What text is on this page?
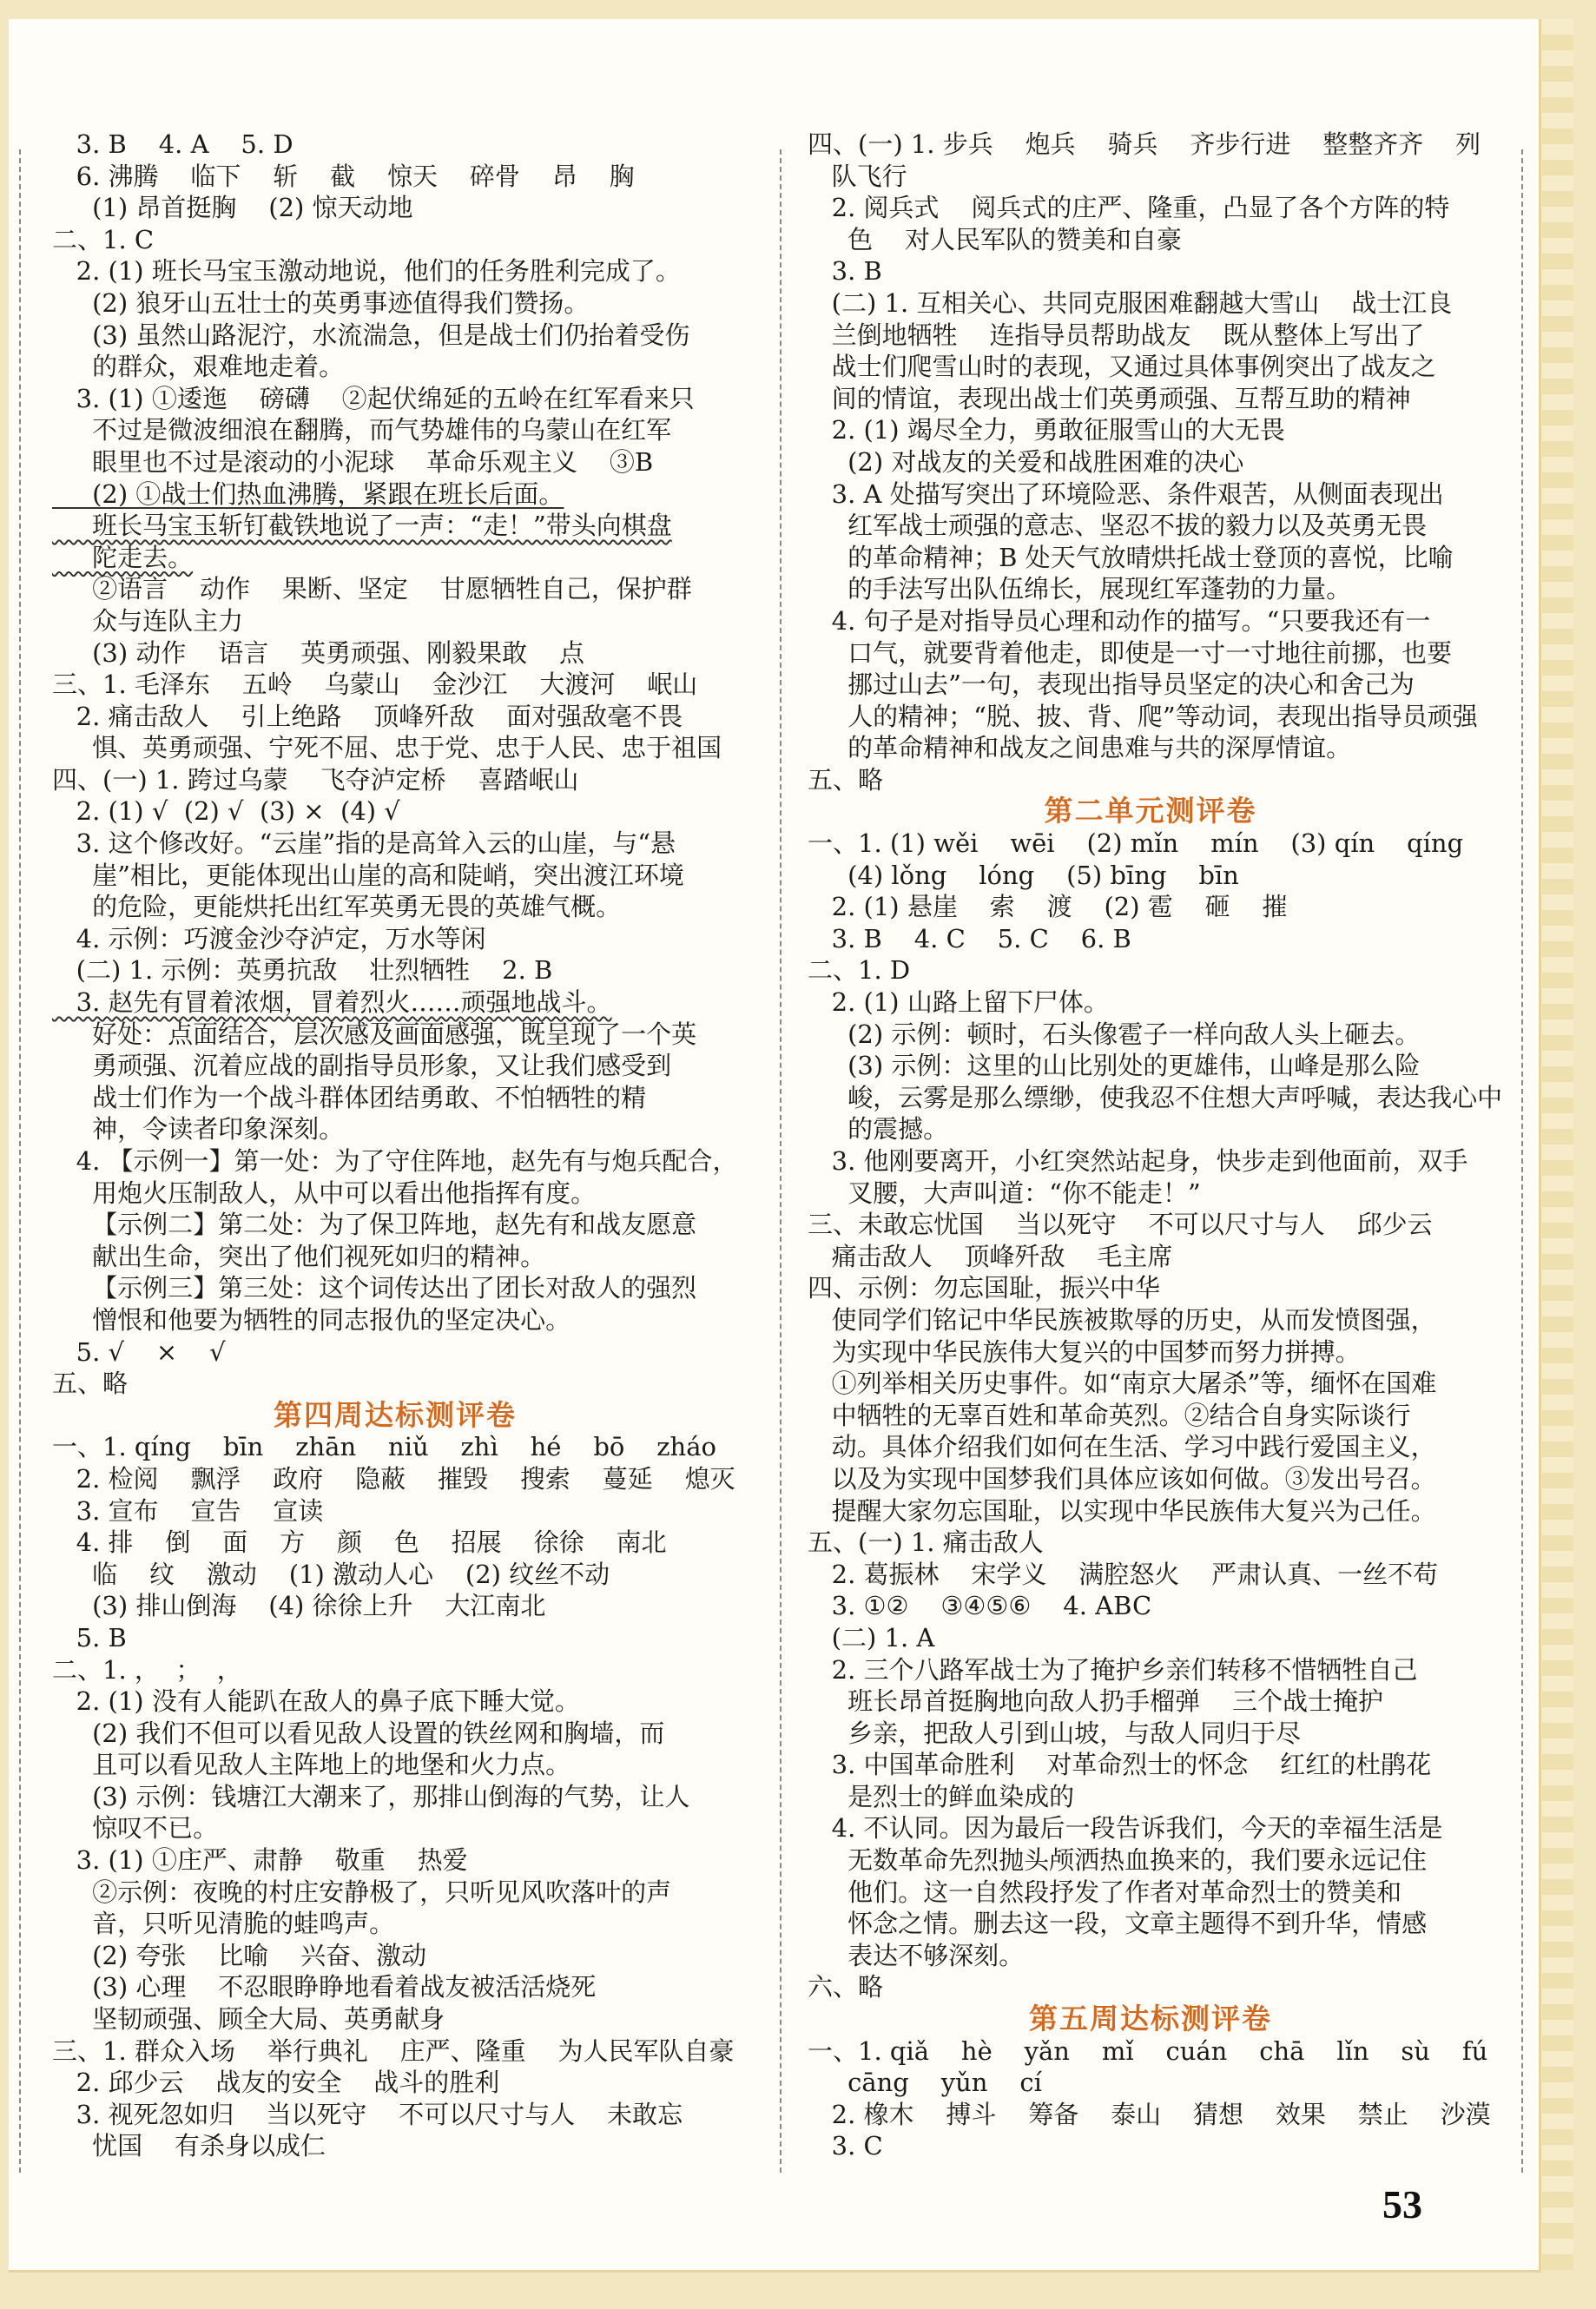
3. B    4. A    5. D
6. 沸腾    临下    斩    截    惊天    碎骨    昂    胸
(1) 昂首挺胸    (2) 惊天动地
二、1. C
2. (1) 班长马宝玉激动地说，他们的任务胜利完成了。
(2) 狼牙山五壮士的英勇事迹值得我们赞扬。
(3) 虽然山路泥泞，水流湍急，但是战士们仍抬着受伤
的群众，艰难地走着。
3. (1) ①逶迤    磅礴    ②起伏绵延的五岭在红军看来只
不过是微波细浪在翻腾，而气势雄伟的乌蒙山在红军
眼里也不过是滚动的小泥球    革命乐观主义    ③B
(2) ①战士们热血沸腾，紧跟在班长后面。
班长马宝玉斩钉截铁地说了一声：“走！”带头向棋盘
陀走去。
②语言    动作    果断、坚定    甘愿牺牲自己，保护群
众与连队主力
(3) 动作    语言    英勇顽强、刚毅果敢    点
三、1. 毛泽东    五岭    乌蒙山    金沙江    大渡河    岷山
2. 痛击敌人    引上绝路    顶峰歼敌    面对强敌毫不畏
惧、英勇顽强、宁死不屈、忠于党、忠于人民、忠于祖国
四、(一) 1. 跨过乌蒙    飞夺泸定桥    喜踏岷山
2. (1) √  (2) √  (3) ×  (4) √
3. 这个修改好。“云崖”指的是高耸入云的山崖，与“悬
崖”相比，更能体现出山崖的高和陡峭，突出渡江环境
的危险，更能烘托出红军英勇无畏的英雄气概。
4. 示例：巧渡金沙夺泸定，万水等闲
(二) 1. 示例：英勇抗敌    壮烈牺牲    2. B
3. 赵先有冒着浓烟，冒着烈火……顽强地战斗。
好处：点面结合，层次感及画面感强，既呈现了一个英
勇顽强、沉着应战的副指导员形象，又让我们感受到
战士们作为一个战斗群体团结勇敢、不怕牺牲的精
神，令读者印象深刻。
4. 【示例一】第一处：为了守住阵地，赵先有与炮兵配合，
用炮火压制敌人，从中可以看出他指挥有度。
【示例二】第二处：为了保卫阵地，赵先有和战友愿意
献出生命，突出了他们视死如归的精神。
【示例三】第三处：这个词传达出了团长对敌人的强烈
憎恨和他要为牺牲的同志报仇的坚定决心。
5. √    ×    √
五、略
第四周达标测评卷
一、1. qíng    bīn    zhān    niǔ    zhì    hé    bō    zháo
2. 检阅    飘浮    政府    隐蔽    摧毁    搜索    蔓延    熄灭
3. 宣布    宣告    宣读
4. 排    倒    面    方    颜    色    招展    徐徐    南北
临    纹    激动    (1) 激动人心    (2) 纹丝不动
(3) 排山倒海    (4) 徐徐上升    大江南北
5. B
二、1. ，  ；  ，
2. (1) 没有人能趴在敌人的鼻子底下睡大觉。
(2) 我们不但可以看见敌人设置的铁丝网和胸墙，而
且可以看见敌人主阵地上的地堡和火力点。
(3) 示例：钱塘江大潮来了，那排山倒海的气势，让人
惊叹不已。
3. (1) ①庄严、肃静    敬重    热爱
②示例：夜晚的村庄安静极了，只听见风吹落叶的声
音，只听见清脆的蛙鸣声。
(2) 夸张    比喻    兴奋、激动
(3) 心理    不忍眼睁睁地看着战友被活活烧死
坚韧顽强、顾全大局、英勇献身
三、1. 群众入场    举行典礼    庄严、隆重    为人民军队自豪
2. 邱少云    战友的安全    战斗的胜利
3. 视死忽如归    当以死守    不可以尺寸与人    未敢忘
忧国    有杀身以成仁
四、(一) 1. 步兵    炮兵    骑兵    齐步行进    整整齐齐    列
队飞行
2. 阅兵式    阅兵式的庄严、隆重，凸显了各个方阵的特
色    对人民军队的赞美和自豪
3. B
(二) 1. 互相关心、共同克服困难翻越大雪山    战士江良
兰倒地牺牲    连指导员帮助战友    既从整体上写出了
战士们爬雪山时的表现，又通过具体事例突出了战友之
间的情谊，表现出战士们英勇顽强、互帮互助的精神
2. (1) 竭尽全力，勇敢征服雪山的大无畏
(2) 对战友的关爱和战胜困难的决心
3. A 处描写突出了环境险恶、条件艰苦，从侧面表现出
红军战士顽强的意志、坚忍不拔的毅力以及英勇无畏
的革命精神；B 处天气放晴烘托战士登顶的喜悦，比喻
的手法写出队伍绵长，展现红军蓬勃的力量。
4. 句子是对指导员心理和动作的描写。“只要我还有一
口气，就要背着他走，即使是一寸一寸地往前挪，也要
挪过山去”一句，表现出指导员坚定的决心和舍己为
人的精神；“脱、披、背、爬”等动词，表现出指导员顽强
的革命精神和战友之间患难与共的深厚情谊。
五、略
第二单元测评卷
一、1. (1) wěi    wēi    (2) mǐn    mín    (3) qín    qíng
(4) lǒng    lóng    (5) bīng    bīn
2. (1) 悬崖    索    渡    (2) 雹    砸    摧
3. B    4. C    5. C    6. B
二、1. D
2. (1) 山路上留下尸体。
(2) 示例：顿时，石头像雹子一样向敌人头上砸去。
(3) 示例：这里的山比别处的更雄伟，山峰是那么险
峻，云雾是那么缥缈，使我忍不住想大声呼喊，表达我心中
的震撼。
3. 他刚要离开，小红突然站起身，快步走到他面前，双手
叉腰，大声叫道：“你不能走！”
三、未敢忘忧国    当以死守    不可以尺寸与人    邱少云
痛击敌人    顶峰歼敌    毛主席
四、示例：勿忘国耻，振兴中华
使同学们铭记中华民族被欺辱的历史，从而发愤图强，
为实现中华民族伟大复兴的中国梦而努力拼搏。
①列举相关历史事件。如“南京大屠杀”等，缅怀在国难
中牺牲的无辜百姓和革命英烈。②结合自身实际谈行
动。具体介绍我们如何在生活、学习中践行爱国主义，
以及为实现中国梦我们具体应该如何做。③发出号召。
提醒大家勿忘国耻，以实现中华民族伟大复兴为己任。
五、(一) 1. 痛击敌人
2. 葛振林    宋学义    满腔怒火    严肃认真、一丝不苟
3. ①②    ③④⑤⑥    4. ABC
(二) 1. A
2. 三个八路军战士为了掩护乡亲们转移不惜牺牲自己
班长昂首挺胸地向敌人扔手榴弹    三个战士掩护
乡亲，把敌人引到山坡，与敌人同归于尽
3. 中国革命胜利    对革命烈士的怀念    红红的杜鹃花
是烈士的鲜血染成的
4. 不认同。因为最后一段告诉我们，今天的幸福生活是
无数革命先烈抛头颅洒热血换来的，我们要永远记住
他们。这一自然段抒发了作者对革命烈士的赞美和
怀念之情。删去这一段，文章主题得不到升华，情感
表达不够深刻。
六、略
第五周达标测评卷
一、1. qiǎ    hè    yǎn    mǐ    cuán    chā    lǐn    sù    fú
cāng    yǔn    cí
2. 橡木    搏斗    筹备    泰山    猜想    效果    禁止    沙漠
3. C
53
